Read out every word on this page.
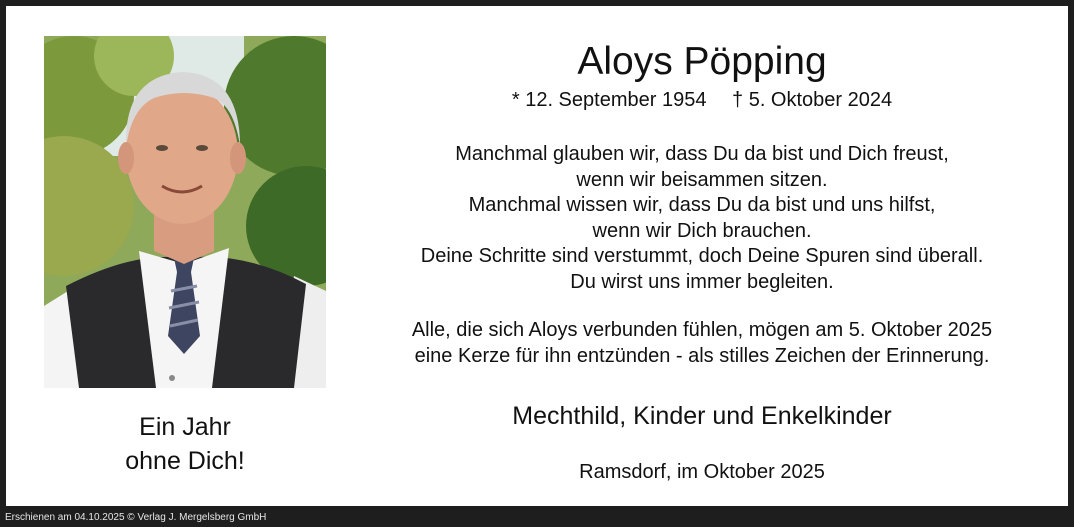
Ein Jahr
ohne Dich!
Aloys Pöpping
* 12. September 1954 † 5. Oktober 2024
Manchmal glauben wir, dass Du da bist und Dich freust,
wenn wir beisammen sitzen.
Manchmal wissen wir, dass Du da bist und uns hilfst,
wenn wir Dich brauchen.
Deine Schritte sind verstummt, doch Deine Spuren sind überall.
Du wirst uns immer begleiten.
Alle, die sich Aloys verbunden fühlen, mögen am 5. Oktober 2025
eine Kerze für ihn entzünden - als stilles Zeichen der Erinnerung.
Mechthild, Kinder und Enkelkinder
Ramsdorf, im Oktober 2025
Erschienen am 04.10.2025 © Verlag J. Mergelsberg GmbH
